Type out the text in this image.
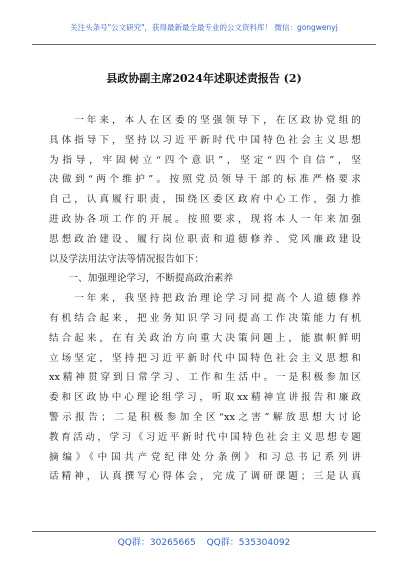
关注头条号"公文研究"，获得最新最全最专业的公文资料库！ 微信：gongwenyj
县政协副主席2024年述职述责报告 (2)
　　一年来，本人在区委的坚强领导下，在区政协党组的
具体指导下，坚持以习近平新时代中国特色社会主义思想
为指导，牢固树立“四个意识”，坚定“四个自信”，坚
决做到“两个维护”。按照党员领导干部的标准严格要求
自己，认真履行职责，围绕区委区政府中心工作，强力推
进政协各项工作的开展。按照要求，现将本人一年来加强
思想政治建设、履行岗位职责和道德修养、党风廉政建设
以及学法用法守法等情况报告如下：
　　一、加强理论学习，不断提高政治素养
　　一年来，我坚持把政治理论学习同提高个人道德修养
有机结合起来，把业务知识学习同提高工作决策能力有机
结合起来，在有关政治方向重大决策问题上，能旗帜鲜明
立场坚定，坚持把习近平新时代中国特色社会主义思想和
xx精神贯穿到日常学习、工作和生活中。一是积极参加区
委和区政协中心理论组学习，听取xx精神宣讲报告和廉政
警示报告；二是积极参加全区“xx之害”解放思想大讨论
教育活动，学习《习近平新时代中国特色社会主义思想专题
摘编》《中国共产党纪律处分条例》和习总书记系列讲
话精神，认真撰写心得体会，完成了调研课题；三是认真
QQ群：30265665 QQ群：535304092
